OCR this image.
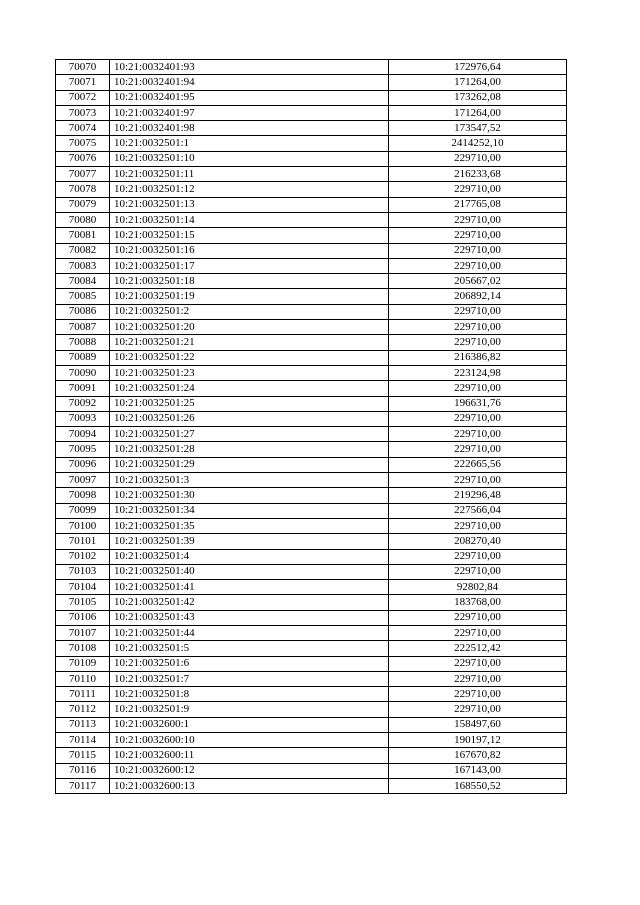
70070	10:21:0032401:93	172976,64
70071	10:21:0032401:94	171264,00
70072	10:21:0032401:95	173262,08
70073	10:21:0032401:97	171264,00
70074	10:21:0032401:98	173547,52
70075	10:21:0032501:1	2414252,10
70076	10:21:0032501:10	229710,00
70077	10:21:0032501:11	216233,68
70078	10:21:0032501:12	229710,00
70079	10:21:0032501:13	217765,08
70080	10:21:0032501:14	229710,00
70081	10:21:0032501:15	229710,00
70082	10:21:0032501:16	229710,00
70083	10:21:0032501:17	229710,00
70084	10:21:0032501:18	205667,02
70085	10:21:0032501:19	206892,14
70086	10:21:0032501:2	229710,00
70087	10:21:0032501:20	229710,00
70088	10:21:0032501:21	229710,00
70089	10:21:0032501:22	216386,82
70090	10:21:0032501:23	223124,98
70091	10:21:0032501:24	229710,00
70092	10:21:0032501:25	196631,76
70093	10:21:0032501:26	229710,00
70094	10:21:0032501:27	229710,00
70095	10:21:0032501:28	229710,00
70096	10:21:0032501:29	222665,56
70097	10:21:0032501:3	229710,00
70098	10:21:0032501:30	219296,48
70099	10:21:0032501:34	227566,04
70100	10:21:0032501:35	229710,00
70101	10:21:0032501:39	208270,40
70102	10:21:0032501:4	229710,00
70103	10:21:0032501:40	229710,00
70104	10:21:0032501:41	92802,84
70105	10:21:0032501:42	183768,00
70106	10:21:0032501:43	229710,00
70107	10:21:0032501:44	229710,00
70108	10:21:0032501:5	222512,42
70109	10:21:0032501:6	229710,00
70110	10:21:0032501:7	229710,00
70111	10:21:0032501:8	229710,00
70112	10:21:0032501:9	229710,00
70113	10:21:0032600:1	158497,60
70114	10:21:0032600:10	190197,12
70115	10:21:0032600:11	167670,82
70116	10:21:0032600:12	167143,00
70117	10:21:0032600:13	168550,52
